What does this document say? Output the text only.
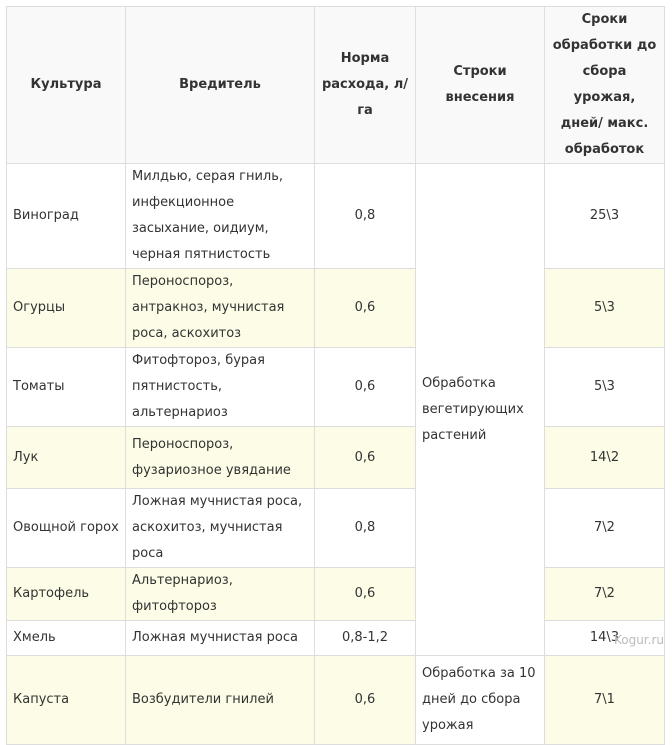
Культура	Вредитель	Норма расхода, л/га	Строки внесения	Сроки обработки до сбора урожая, дней/ макс. обработок
Виноград	Милдью, серая гниль, инфекционное засыхание, оидиум, черная пятнистость	0,8	Обработка вегетирующих растений	25\3
Огурцы	Пероноспороз, антракноз, мучнистая роса, аскохитоз	0,6		5\3
Томаты	Фитофтороз, бурая пятнистость, альтернариоз	0,6		5\3
Лук	Пероноспороз, фузариозное увядание	0,6		14\2
Овощной горох	Ложная мучнистая роса, аскохитоз, мучнистая роса	0,8		7\2
Картофель	Альтернариоз, фитофтороз	0,6		7\2
Хмель	Ложная мучнистая роса	0,8-1,2		14\3
Капуста	Возбудители гнилей	0,6	Обработка за 10 дней до сбора урожая	7\1
Kogur.ru
